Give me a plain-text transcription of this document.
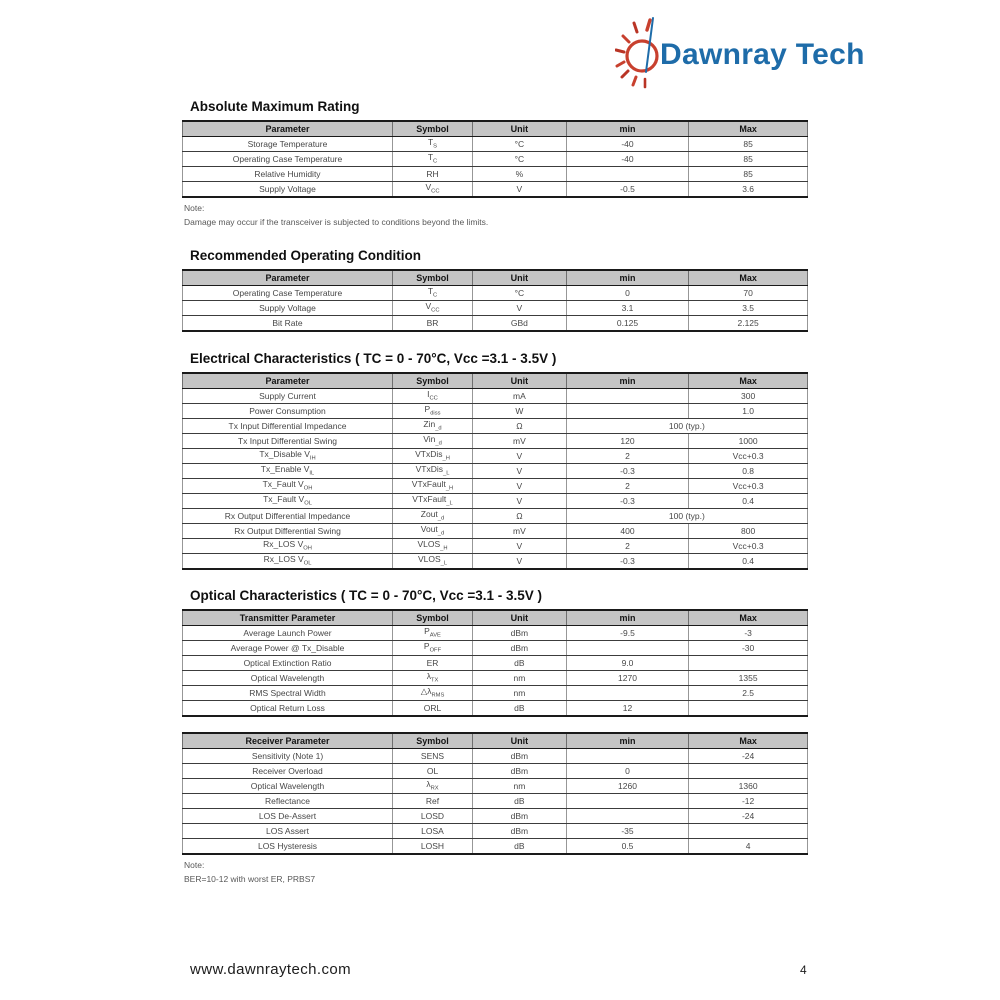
Dawnray Tech
Absolute Maximum Rating
Parameter	Symbol	Unit	min	Max
Storage Temperature	$T_S$	°C	-40	85
Operating Case Temperature	$T_C$	°C	-40	85
Relative Humidity	RH	%		85
Supply Voltage	$V_{CC}$	V	-0.5	3.6
Note:
Damage may occur if the transceiver is subjected to conditions beyond the limits.
Recommended Operating Condition
Parameter	Symbol	Unit	min	Max
Operating Case Temperature	$T_C$	°C	0	70
Supply Voltage	$V_{CC}$	V	3.1	3.5
Bit Rate	BR	GBd	0.125	2.125
Electrical Characteristics ( TC = 0 - 70°C, Vcc =3.1 - 3.5V )
Parameter	Symbol	Unit	min	Max
Supply Current	$I_{CC}$	mA		300
Power Consumption	$P_{diss}$	W		1.0
Tx Input Differential Impedance	Zin$_{\_d}$	Ω	100 (typ.)	
Tx Input Differential Swing	Vin$_{\_d}$	mV	120	1000
Tx_Disable $V_{IH}$	VTxDis$_{\_H}$	V	2	Vcc+0.3
Tx_Enable $V_{IL}$	VTxDis$_{\_L}$	V	-0.3	0.8
Tx_Fault $V_{OH}$	VTxFault$_{\_H}$	V	2	Vcc+0.3
Tx_Fault $V_{OL}$	VTxFault$_{\_L}$	V	-0.3	0.4
Rx Output Differential Impedance	Zout$_{\_d}$	Ω	100 (typ.)	
Rx Output Differential Swing	Vout$_{\_d}$	mV	400	800
Rx_LOS $V_{OH}$	$VLOS_{\_H}$	V	2	Vcc+0.3
Rx_LOS $V_{OL}$	$VLOS_{\_L}$	V	-0.3	0.4
Optical Characteristics ( TC = 0 - 70°C, Vcc =3.1 - 3.5V )
Transmitter Parameter	Symbol	Unit	min	Max
Average Launch Power	$P_{AVE}$	dBm	-9.5	-3
Average Power @ Tx_Disable	$P_{OFF}$	dBm		-30
Optical Extinction Ratio	ER	dB	9.0	
Optical Wavelength	$\lambda_{TX}$	nm	1270	1355
RMS Spectral Width	$\triangle\lambda_{RMS}$	nm		2.5
Optical Return Loss	ORL	dB	12	
Receiver Parameter	Symbol	Unit	min	Max
Sensitivity (Note 1)	SENS	dBm		-24
Receiver Overload	OL	dBm	0	
Optical Wavelength	$\lambda_{RX}$	nm	1260	1360
Reflectance	Ref	dB		-12
LOS De-Assert	LOSD	dBm		-24
LOS Assert	LOSA	dBm	-35	
LOS Hysteresis	LOSH	dB	0.5	4
Note:
BER=10-12 with worst ER, PRBS7
www.dawnraytech.com	4
